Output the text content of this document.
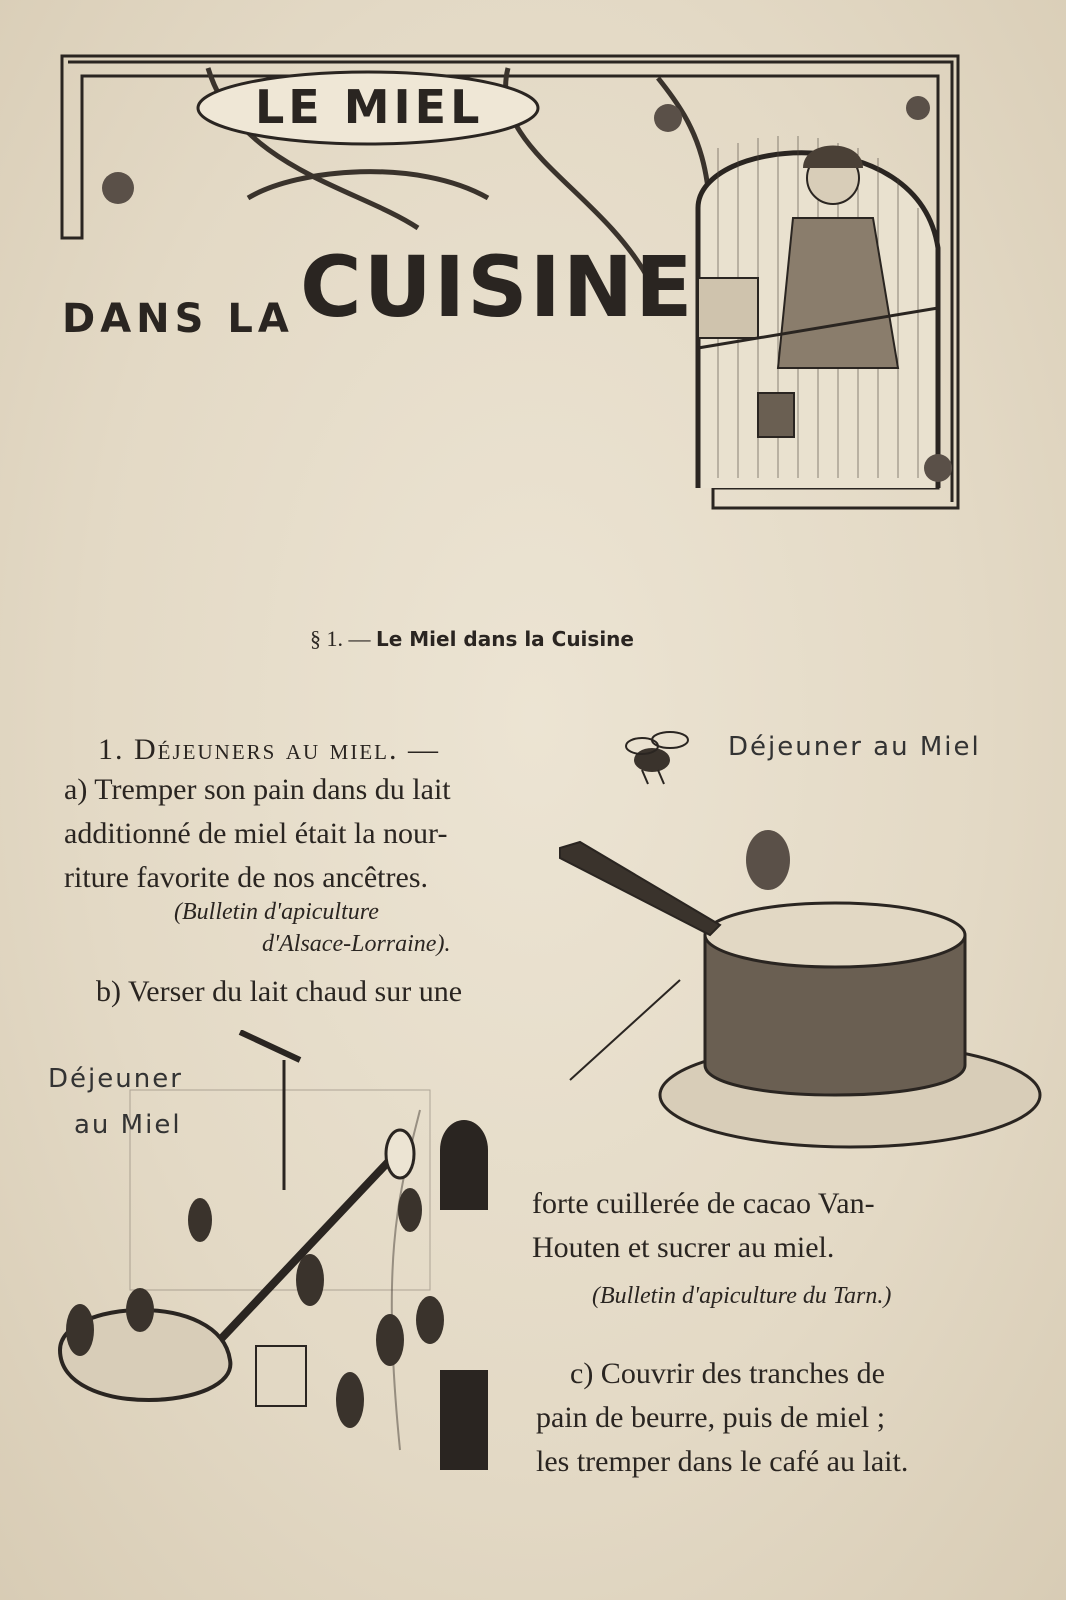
LE MIEL
DANS LA CUISINE
§ 1. — Le Miel dans la Cuisine
1. Déjeuners au miel. —
a) Tremper son pain dans du lait
additionné de miel était la nour-
riture favorite de nos ancêtres.
(Bulletin d'apiculture
d'Alsace-Lorraine).
b) Verser du lait chaud sur une
Déjeuner au Miel
Déjeuner
au Miel
forte cuillerée de cacao Van-
Houten et sucrer au miel.
(Bulletin d'apiculture du Tarn.)
c) Couvrir des tranches de
pain de beurre, puis de miel ;
les tremper dans le café au lait.
